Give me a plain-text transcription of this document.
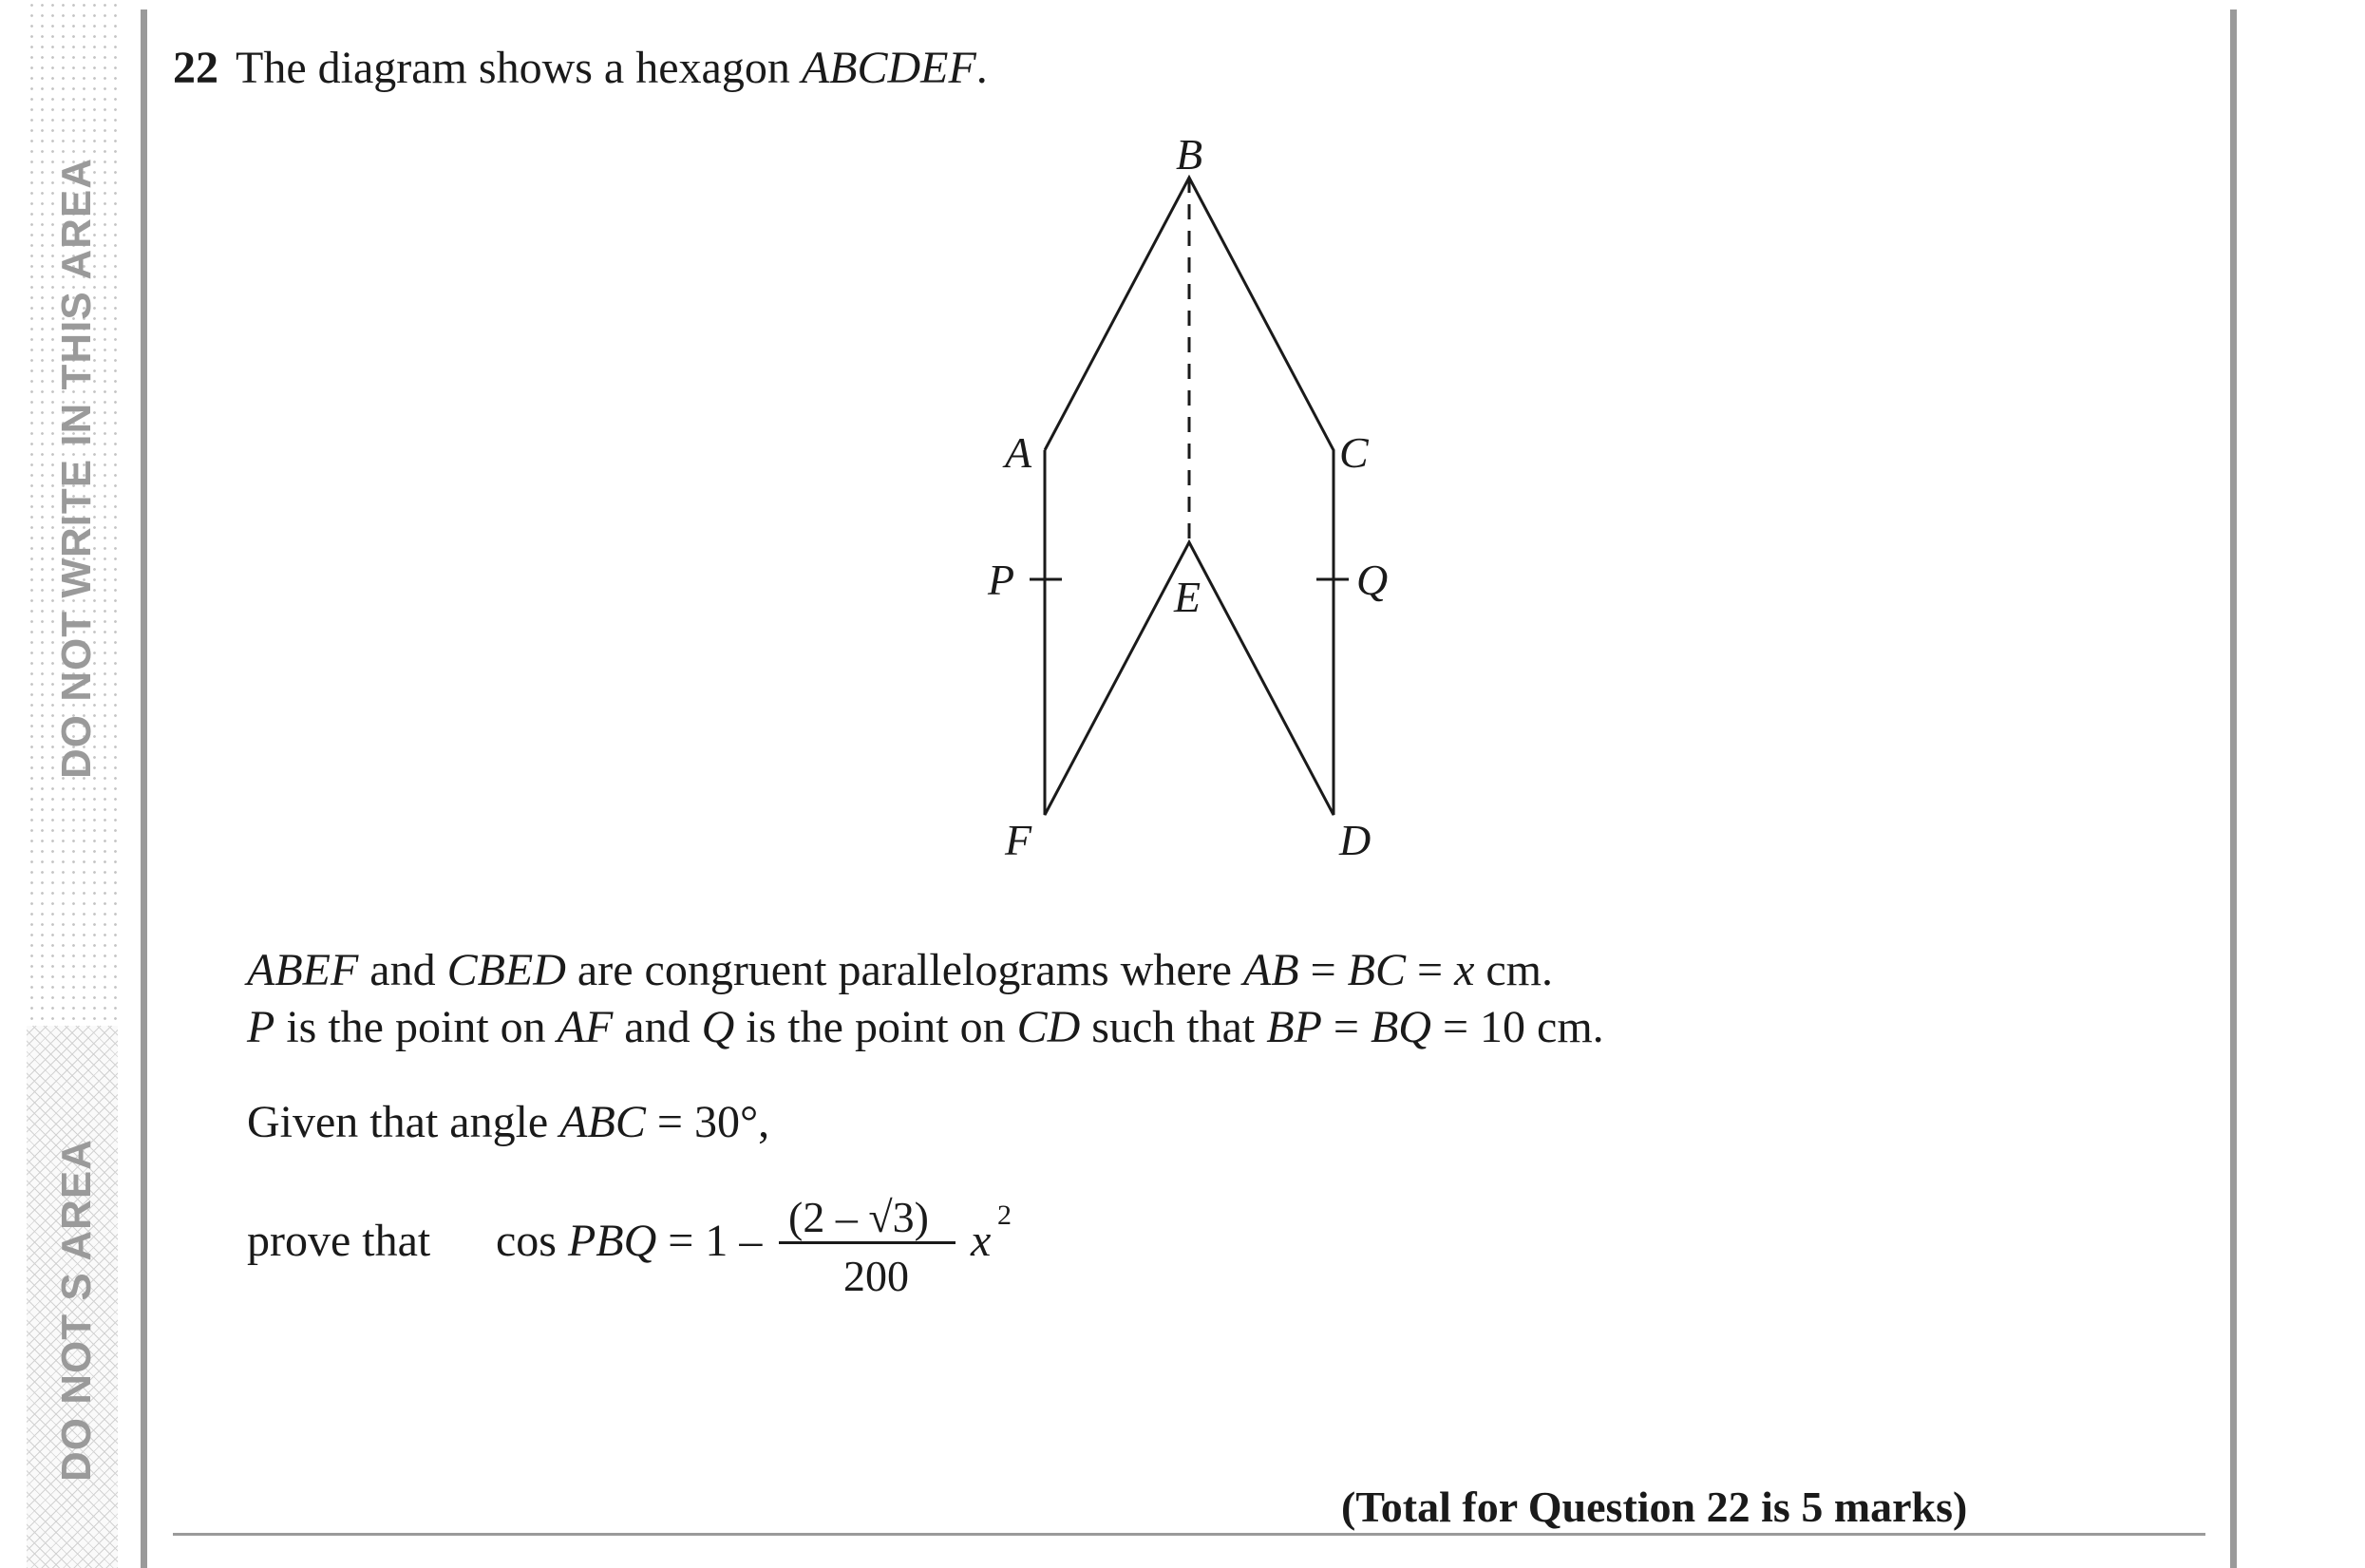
DO NOT WRITE IN THIS AREA
DO NOT S AREA
22 The diagram shows a hexagon ABCDEF.
B
A	C
P	Q
E
F	D
ABEF and CBED are congruent parallelograms where AB = BC = x cm.
P is the point on AF and Q is the point on CD such that BP = BQ = 10 cm.
Given that angle ABC = 30°,
prove that cos PBQ = 1 – (2 – √3)
200
x
2
(Total for Question 22 is 5 marks)
